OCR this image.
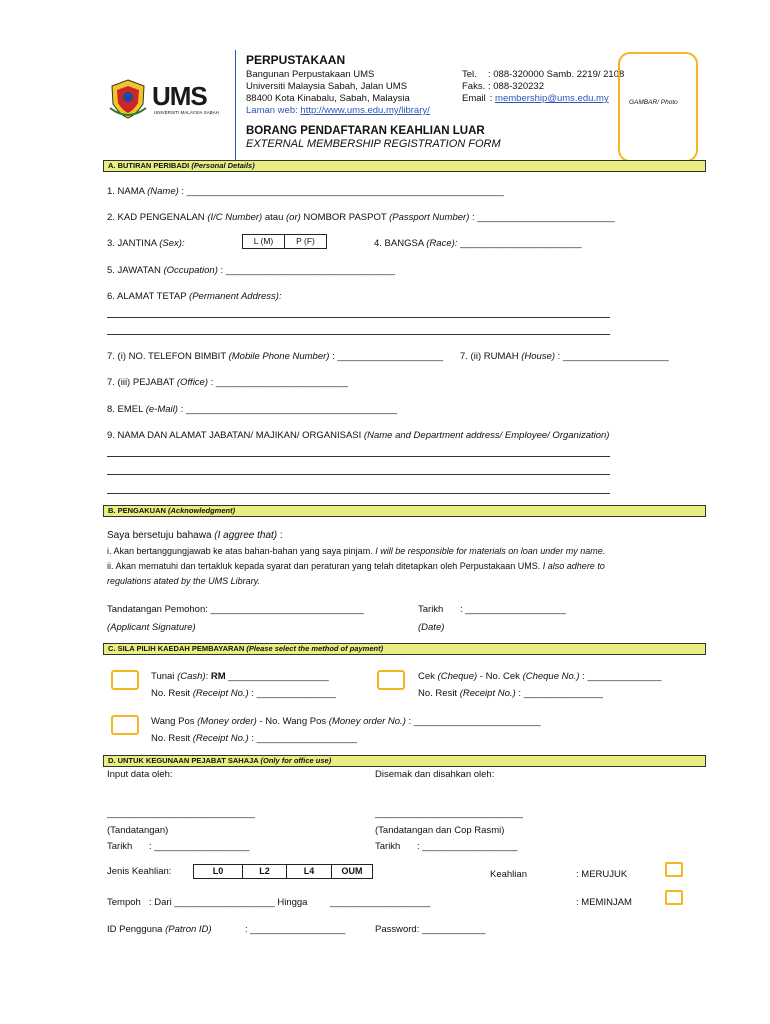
UMS
UNIVERSITI MALAYSIA SABAH
PERPUSTAKAAN
Bangunan Perpustakaan UMS
Universiti Malaysia Sabah, Jalan UMS
88400 Kota Kinabalu, Sabah, Malaysia
Laman web: http://www.ums.edu.my/library/
Tel. : 088-320000 Samb. 2219/ 2108
Faks. : 088-320232
Email : membership@ums.edu.my	GAMBAR/ Photo
BORANG PENDAFTARAN KEAHLIAN LUAR
EXTERNAL MEMBERSHIP REGISTRATION FORM
A. BUTIRAN PERIBADI (Personal Details)
1. NAMA (Name) : ____________________________________________________________
2. KAD PENGENALAN (I/C Number) atau (or) NOMBOR PASPOT (Passport Number) : __________________________
3. JANTINA (Sex):	L (M)	P (F)	4. BANGSA (Race): _______________________
5. JAWATAN (Occupation) : ________________________________
6. ALAMAT TETAP (Permanent Address):
7. (i) NO. TELEFON BIMBIT (Mobile Phone Number) : ____________________ 7. (ii) RUMAH (House) : ____________________
7. (iii) PEJABAT (Office) : _________________________
8. EMEL (e-Mail) : ________________________________________
9. NAMA DAN ALAMAT JABATAN/ MAJIKAN/ ORGANISASI (Name and Department address/ Employee/ Organization)
B. PENGAKUAN (Acknowledgment)
Saya bersetuju bahawa (I aggree that) :
i. Akan bertanggungjawab ke atas bahan-bahan yang saya pinjam. I will be responsible for materials on loan under my name.
ii. Akan mematuhi dan tertakluk kepada syarat dan peraturan yang telah ditetapkan oleh Perpustakaan UMS. I also adhere to
regulations atated by the UMS Library.
Tandatangan Pemohon: _____________________________
(Applicant Signature)
Tarikh : ___________________
(Date)
C. SILA PILIH KAEDAH PEMBAYARAN (Please select the method of payment)
Tunai (Cash): RM ___________________
No. Resit (Receipt No.) : _______________
Cek (Cheque) - No. Cek (Cheque No.) : ______________
No. Resit (Receipt No.) : _______________
Wang Pos (Money order) - No. Wang Pos (Money order No.) : ________________________
No. Resit (Receipt No.) : ___________________
D. UNTUK KEGUNAAN PEJABAT SAHAJA (Only for office use)
Input data oleh:	Disemak dan disahkan oleh:
____________________________	____________________________
(Tandatangan)	(Tandatangan dan Cop Rasmi)
Tarikh : __________________	Tarikh : __________________
Jenis Keahlian:	L0	L2	L4	OUM	Keahlian	: MERUJUK
: MEMINJAM
Tempoh : Dari ___________________ Hingga ___________________
ID Pengguna (Patron ID)	: __________________	Password: ____________
